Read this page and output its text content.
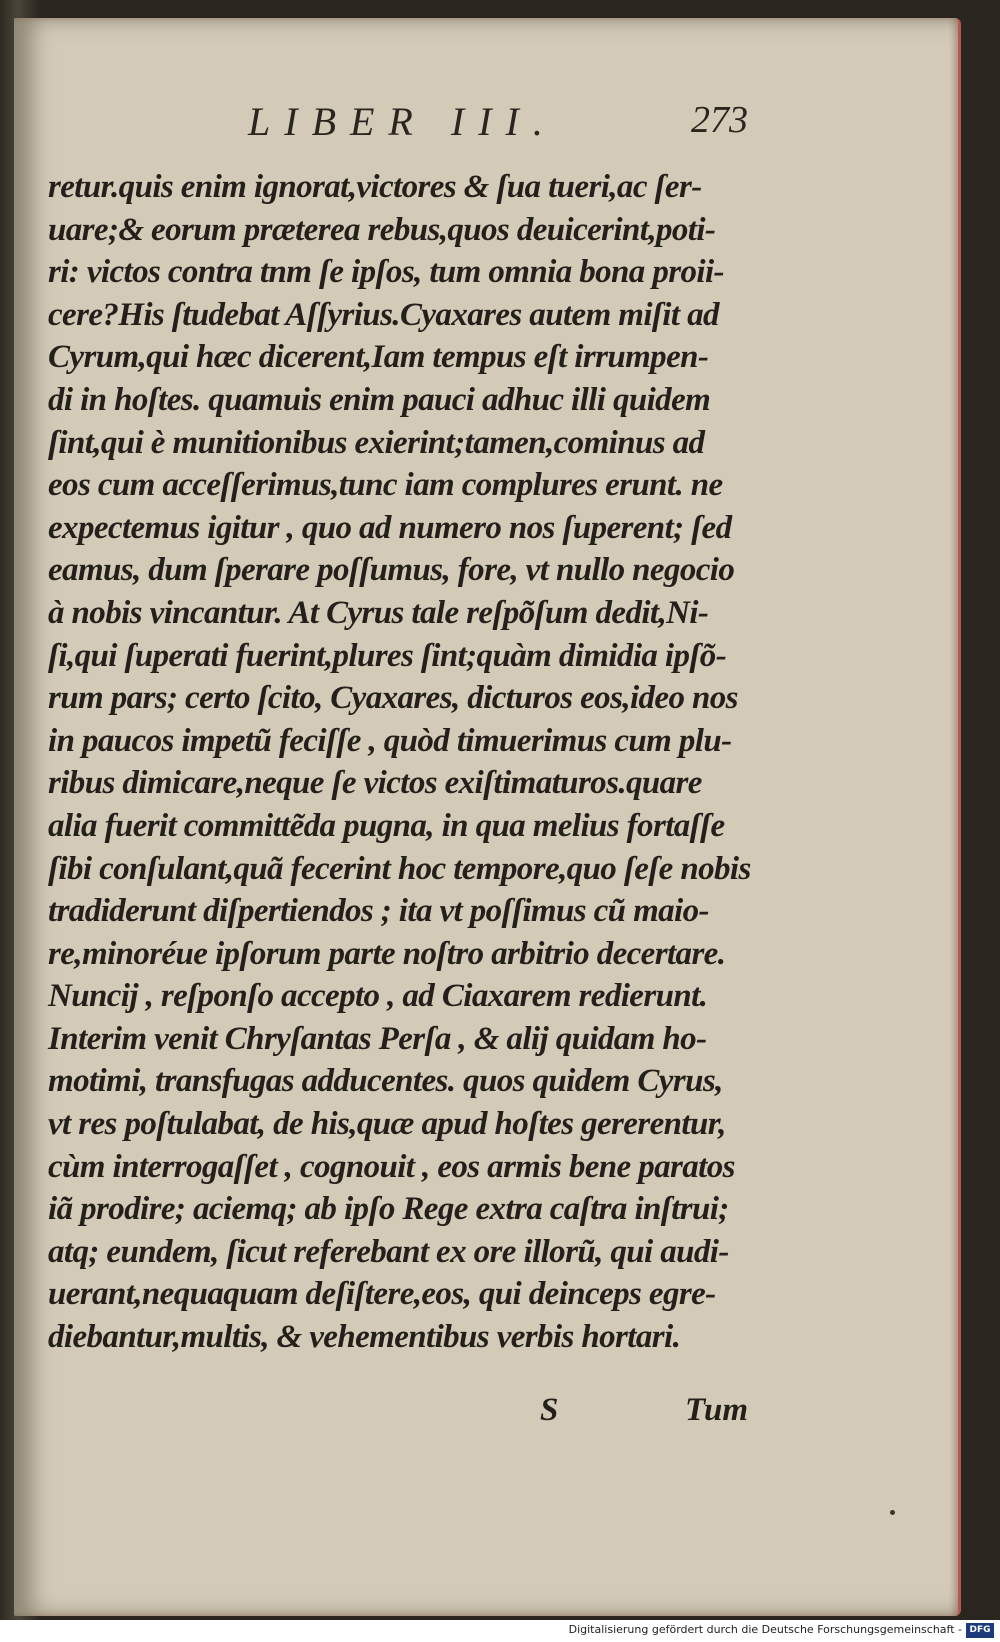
LIBER III.	273
retur.quis enim ignorat,victores & ſua tueri,ac ſer-
uare;& eorum præterea rebus,quos deuicerint,poti-
ri: victos contra tnm ſe ipſos, tum omnia bona proii-
cere?His ſtudebat Aſſyrius.Cyaxares autem miſit ad
Cyrum,qui hæc dicerent,Iam tempus eſt irrumpen-
di in hoſtes. quamuis enim pauci adhuc illi quidem
ſint,qui è munitionibus exierint;tamen,cominus ad
eos cum acceſſerimus,tunc iam complures erunt. ne
expectemus igitur , quo ad numero nos ſuperent; ſed
eamus, dum ſperare poſſumus, fore, vt nullo negocio
à nobis vincantur. At Cyrus tale reſpõſum dedit,Ni-
ſi,qui ſuperati fuerint,plures ſint;quàm dimidia ipſõ-
rum pars; certo ſcito, Cyaxares, dicturos eos,ideo nos
in paucos impetũ feciſſe , quòd timuerimus cum plu-
ribus dimicare,neque ſe victos exiſtimaturos.quare
alia fuerit committẽda pugna, in qua melius fortaſſe
ſibi conſulant,quã fecerint hoc tempore,quo ſeſe nobis
tradiderunt diſpertiendos ; ita vt poſſimus cũ maio-
re,minoréue ipſorum parte noſtro arbitrio decertare.
Nuncij , reſponſo accepto , ad Ciaxarem redierunt.
Interim venit Chryſantas Perſa , & alij quidam ho-
motimi, transfugas adducentes. quos quidem Cyrus,
vt res poſtulabat, de his,quæ apud hoſtes gererentur,
cùm interrogaſſet , cognouit , eos armis bene paratos
iã prodire; aciemq; ab ipſo Rege extra caſtra inſtrui;
atq; eundem, ſicut referebant ex ore illorũ, qui audi-
uerant,nequaquam deſiſtere,eos, qui deinceps egre-
diebantur,multis, & vehementibus verbis hortari.
S	Tum
Digitalisierung gefördert durch die Deutsche Forschungsgemeinschaft - DFG
